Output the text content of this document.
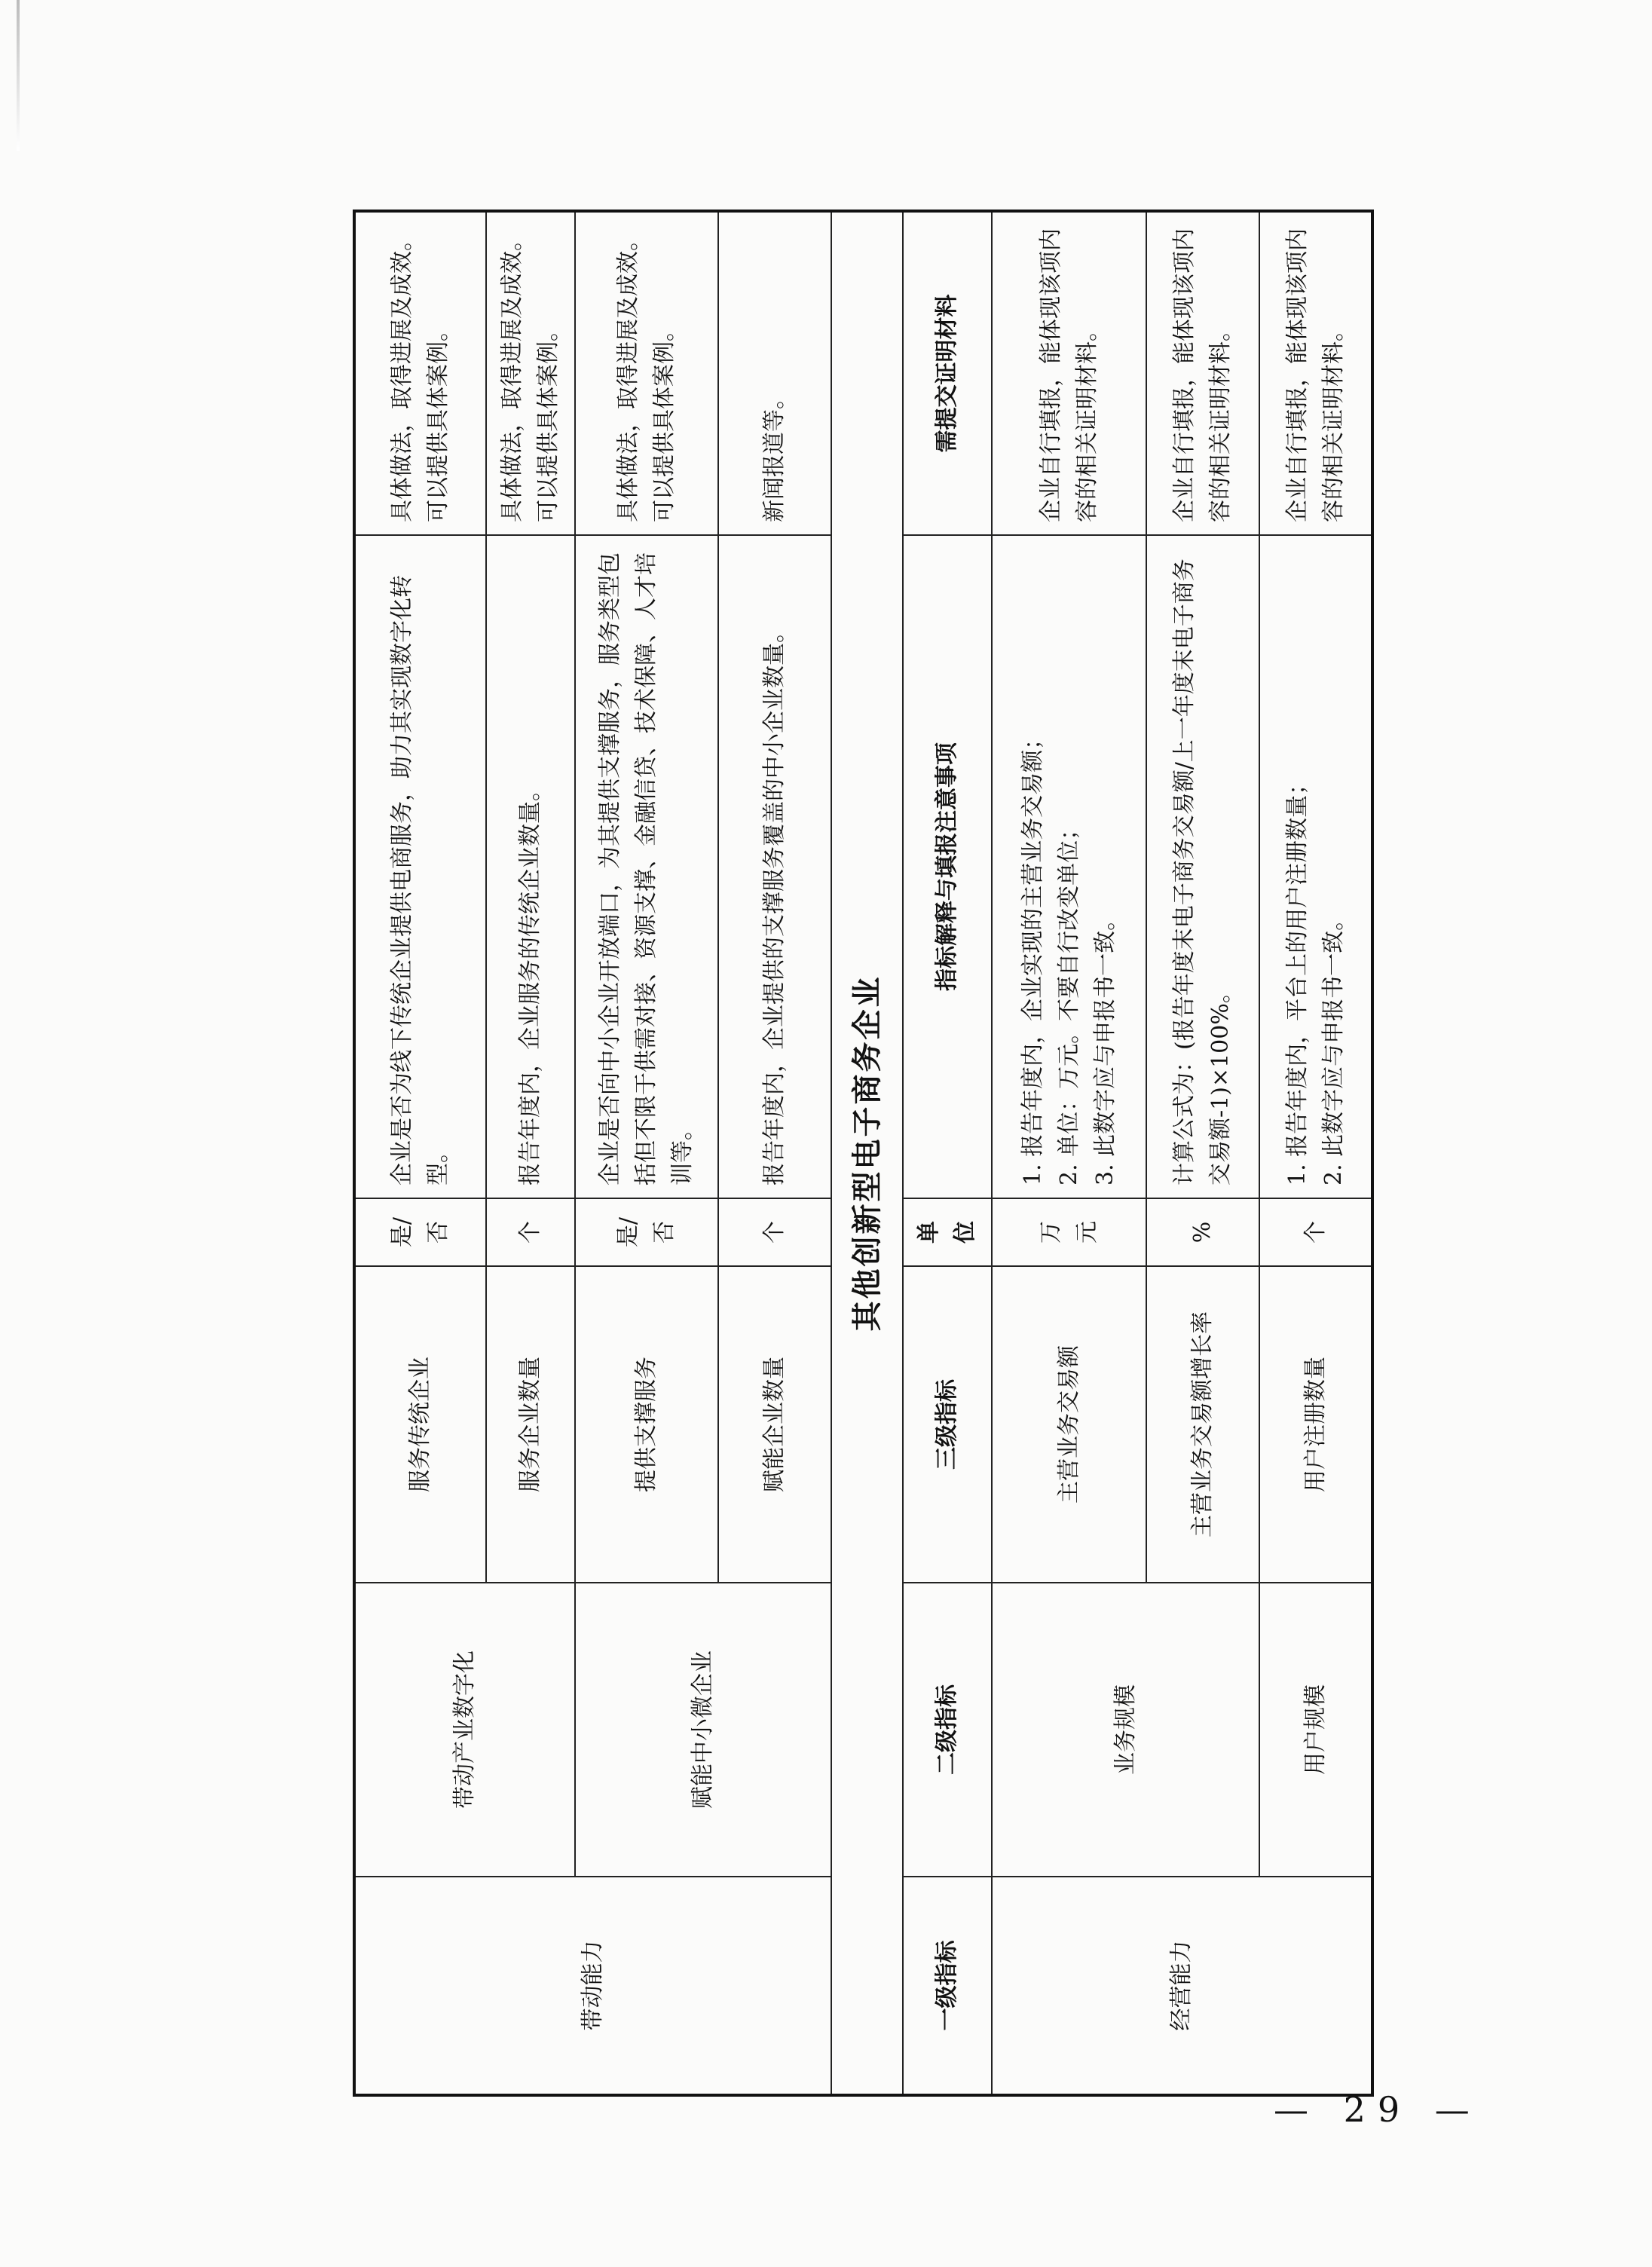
带动能力	带动产业数字化	服务传统企业	是/否	企业是否为线下传统企业提供电商服务，助力其实现数字化转型。	具体做法，取得进展及成效。可以提供具体案例。
		服务企业数量	个	报告年度内，企业服务的传统企业数量。	具体做法，取得进展及成效。可以提供具体案例。
	赋能中小微企业	提供支撑服务	是/否	企业是否向中小企业开放端口，为其提供支撑服务，服务类型包括但不限于供需对接、资源支撑、金融信贷、技术保障、人才培训等。	具体做法，取得进展及成效。可以提供具体案例。
		赋能企业数量	个	报告年度内，企业提供的支撑服务覆盖的中小企业数量。	新闻报道等。
其他创新型电子商务企业					
一级指标	二级指标	三级指标	单位	指标解释与填报注意事项	需提交证明材料
经营能力	业务规模	主营业务交易额	万元	1. 报告年度内，企业实现的主营业务交易额； 2. 单位：万元。不要自行改变单位； 3. 此数字应与申报书一致。	企业自行填报，能体现该项内容的相关证明材料。
		主营业务交易额增长率	%	计算公式为：(报告年度末电子商务交易额/上一年度末电子商务交易额-1)×100%。	企业自行填报，能体现该项内容的相关证明材料。
	用户规模	用户注册数量	个	1. 报告年度内，平台上的用户注册数量； 2. 此数字应与申报书一致。	企业自行填报，能体现该项内容的相关证明材料。
— 29 —
